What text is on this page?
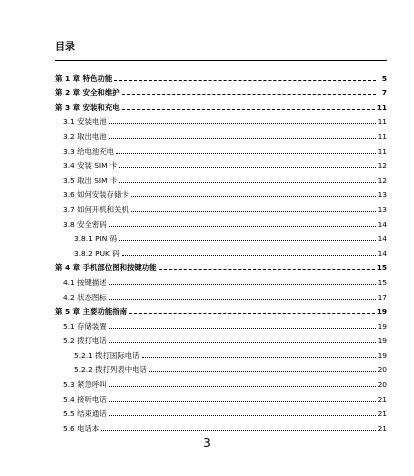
目录
第 1 章 特色功能	5
第 2 章 安全和维护	7
第 3 章 安装和充电	11
3.1 安装电池	11
3.2 取出电池	11
3.3 给电池充电	11
3.4 安装 SIM 卡	12
3.5 取出 SIM 卡	12
3.6 如何安装存储卡	13
3.7 如何开机和关机	13
3.8 安全密码	14
3.8.1 PIN 码	14
3.8.2 PUK 码	14
第 4 章 手机部位图和按键功能	15
4.1 按键描述	15
4.2 状态图标	17
第 5 章 主要功能指南	19
5.1 存储装置	19
5.2 拨打电话	19
5.2.1 拨打国际电话	19
5.2.2 拨打列表中电话	20
5.3 紧急呼叫	20
5.4 接听电话	21
5.5 结束通话	21
5.6 电话本	21
3
